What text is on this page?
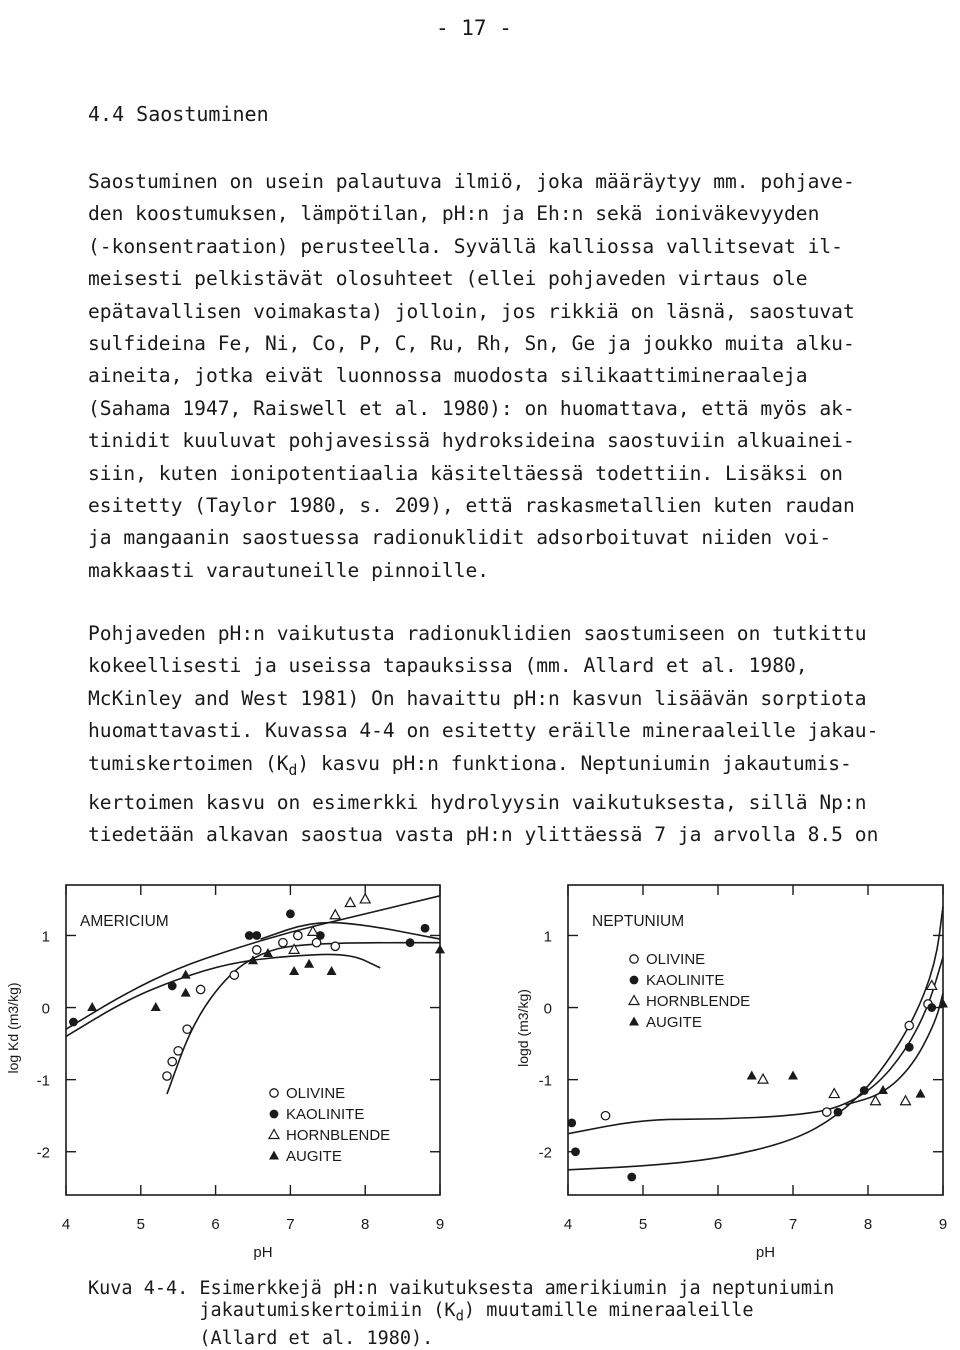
- 17 -
4.4 Saostuminen

Saostuminen on usein palautuva ilmiö, joka määräytyy mm. pohjave-
den koostumuksen, lämpötilan, pH:n ja Eh:n sekä ioniväkevyyden
(-konsentraation) perusteella. Syvällä kalliossa vallitsevat il-
meisesti pelkistävät olosuhteet (ellei pohjaveden virtaus ole
epätavallisen voimakasta) jolloin, jos rikkiä on läsnä, saostuvat
sulfideina Fe, Ni, Co, P, C, Ru, Rh, Sn, Ge ja joukko muita alku-
aineita, jotka eivät luonnossa muodosta silikaattimineraaleja
(Sahama 1947, Raiswell et al. 1980): on huomattava, että myös ak-
tinidit kuuluvat pohjavesissä hydroksideina saostuviin alkuainei-
siin, kuten ionipotentiaalia käsiteltäessä todettiin. Lisäksi on
esitetty (Taylor 1980, s. 209), että raskasmetallien kuten raudan
ja mangaanin saostuessa radionuklidit adsorboituvat niiden voi-
makkaasti varautuneille pinnoille.

Pohjaveden pH:n vaikutusta radionuklidien saostumiseen on tutkittu
kokeellisesti ja useissa tapauksissa (mm. Allard et al. 1980,
McKinley and West 1981) On havaittu pH:n kasvun lisäävän sorptiota
huomattavasti. Kuvassa 4-4 on esitetty eräille mineraaleille jakau-
tumiskertoimen $(K_d)$ kasvu pH:n funktiona. Neptuniumin jakautumis-
kertoimen kasvu on esimerkki hydrolyysin vaikutuksesta, sillä Np:n
tiedetään alkavan saostua vasta pH:n ylittäessä 7 ja arvolla 8.5 on

4	5	6	7	8	9
1
0
-1
-2
pH
log Kd (m3/kg)
AMERICIUM
OLIVINE
KAOLINITE
HORNBLENDE
AUGITE
4	5	6	7	8	9
1
0
-1
-2
pH
logd (m3/kg)
NEPTUNIUM
OLIVINE
KAOLINITE
HORNBLENDE
AUGITE
Kuva 4-4. Esimerkkejä pH:n vaikutuksesta amerikiumin ja neptuniumin
jakautumiskertoimiin $(K_d)$ muutamille mineraaleille
(Allard et al. 1980).
